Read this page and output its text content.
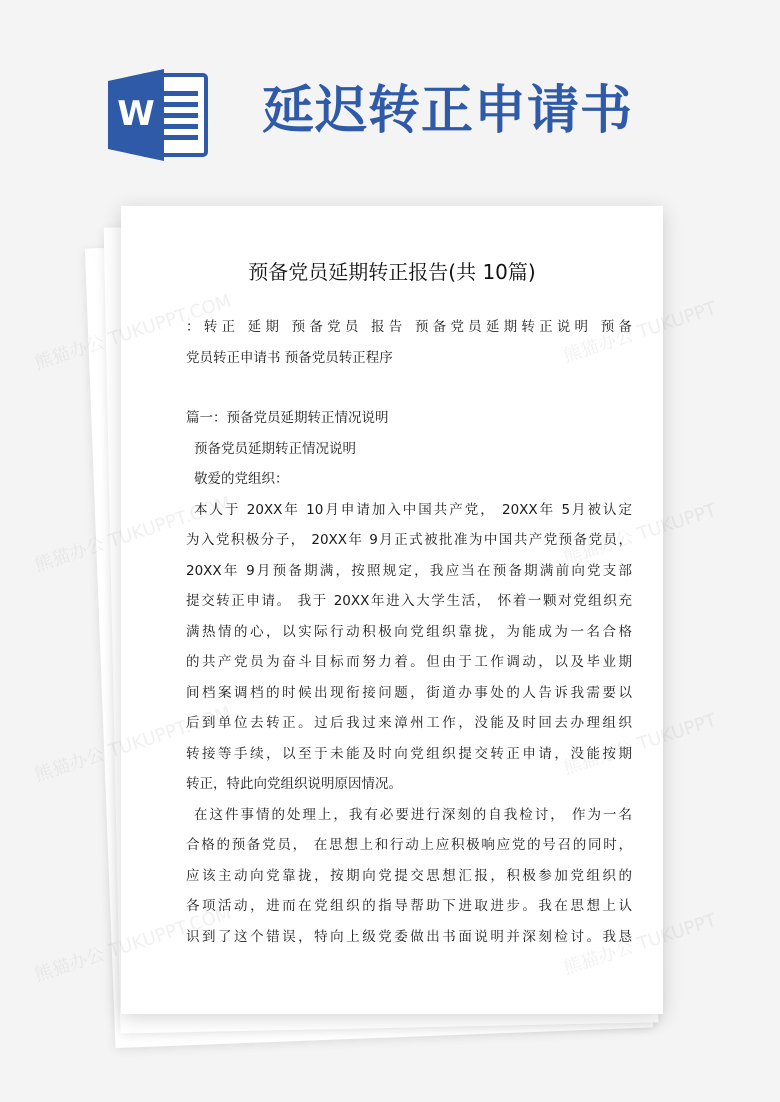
W 延迟转正申请书
预备党员延期转正报告(共 10篇)
：转正 延期 预备党员 报告 预备党员延期转正说明 预备
党员转正申请书 预备党员转正程序
篇一：预备党员延期转正情况说明
预备党员延期转正情况说明
敬爱的党组织：
本人于 20XX年 10月申请加入中国共产党， 20XX年 5月被认定
为入党积极分子， 20XX年 9月正式被批准为中国共产党预备党员，
20XX年 9月预备期满，按照规定，我应当在预备期满前向党支部
提交转正申请。 我于 20XX年进入大学生活， 怀着一颗对党组织充
满热情的心，以实际行动积极向党组织靠拢，为能成为一名合格
的共产党员为奋斗目标而努力着。但由于工作调动，以及毕业期
间档案调档的时候出现衔接问题，街道办事处的人告诉我需要以
后到单位去转正。过后我过来漳州工作，没能及时回去办理组织
转接等手续，以至于未能及时向党组织提交转正申请，没能按期
转正，特此向党组织说明原因情况。
在这件事情的处理上，我有必要进行深刻的自我检讨， 作为一名
合格的预备党员， 在思想上和行动上应积极响应党的号召的同时，
应该主动向党靠拢，按期向党提交思想汇报，积极参加党组织的
各项活动，进而在党组织的指导帮助下进取进步。我在思想上认
识到了这个错误，特向上级党委做出书面说明并深刻检讨。我恳
熊猫办公
熊猫办公
熊猫办公
熊猫办公
TUKUPPT
TUKUPPT
TUKUPPT
TUKUPPT
